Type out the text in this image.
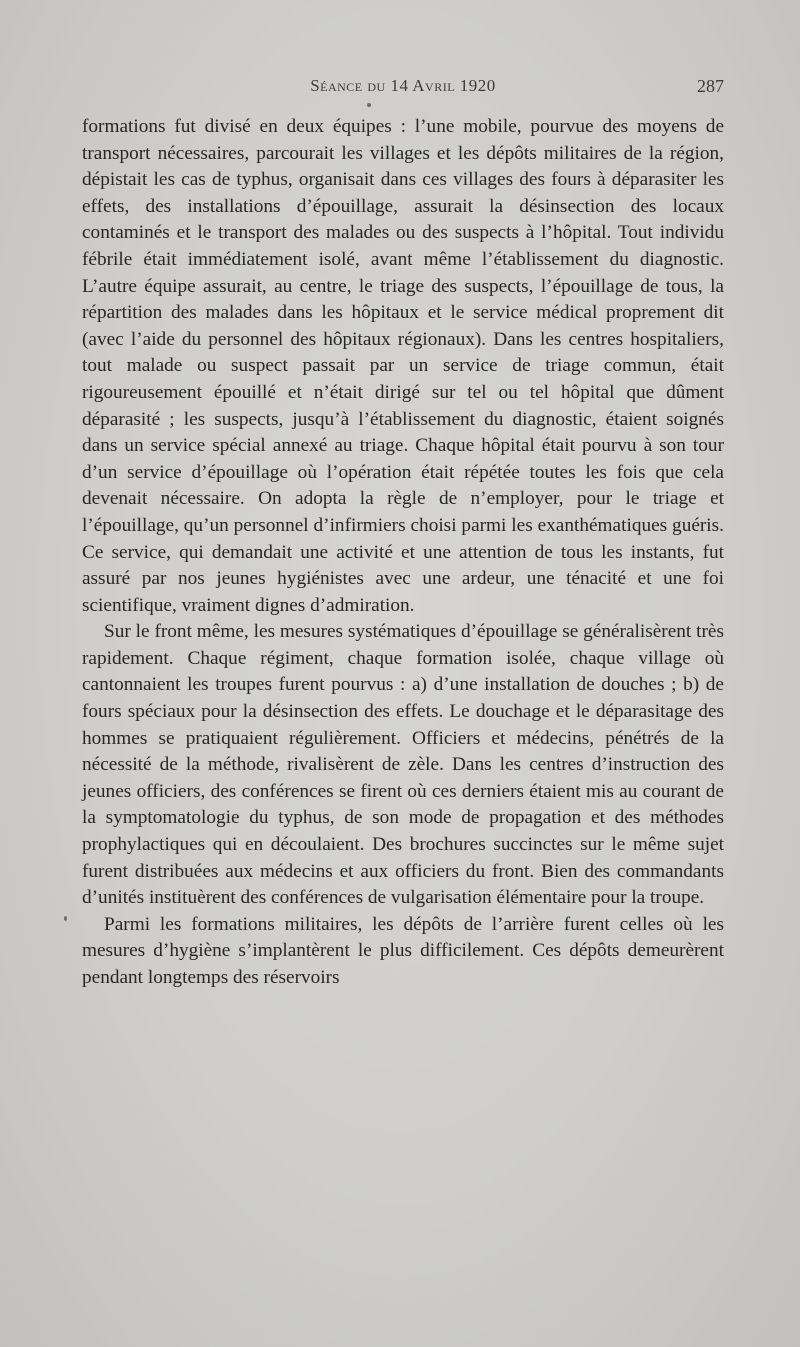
Séance du 14 Avril 1920	287

formations fut divisé en deux équipes : l’une mobile, pourvue des moyens de transport nécessaires, parcourait les villages et les dépôts militaires de la région, dépistait les cas de typhus, organisait dans ces villages des fours à déparasiter les effets, des installations d’épouillage, assurait la désinsection des locaux contaminés et le transport des malades ou des suspects à l’hôpital. Tout individu fébrile était immédiatement isolé, avant même l’établissement du diagnostic. L’autre équipe assurait, au centre, le triage des suspects, l’épouillage de tous, la répartition des malades dans les hôpitaux et le service médical proprement dit (avec l’aide du personnel des hôpitaux régionaux). Dans les centres hospitaliers, tout malade ou suspect passait par un service de triage commun, était rigoureusement épouillé et n’était dirigé sur tel ou tel hôpital que dûment déparasité ; les suspects, jusqu’à l’établissement du diagnostic, étaient soignés dans un service spécial annexé au triage. Chaque hôpital était pourvu à son tour d’un service d’épouillage où l’opération était répétée toutes les fois que cela devenait nécessaire. On adopta la règle de n’employer, pour le triage et l’épouillage, qu’un personnel d’infirmiers choisi parmi les exanthématiques guéris. Ce service, qui demandait une activité et une attention de tous les instants, fut assuré par nos jeunes hygiénistes avec une ardeur, une ténacité et une foi scientifique, vraiment dignes d’admiration.

Sur le front même, les mesures systématiques d’épouillage se généralisèrent très rapidement. Chaque régiment, chaque formation isolée, chaque village où cantonnaient les troupes furent pourvus : a) d’une installation de douches ; b) de fours spéciaux pour la désinsection des effets. Le douchage et le déparasitage des hommes se pratiquaient régulièrement. Officiers et médecins, pénétrés de la nécessité de la méthode, rivalisèrent de zèle. Dans les centres d’instruction des jeunes officiers, des conférences se firent où ces derniers étaient mis au courant de la symptomatologie du typhus, de son mode de propagation et des méthodes prophylactiques qui en découlaient. Des brochures succinctes sur le même sujet furent distribuées aux médecins et aux officiers du front. Bien des commandants d’unités instituèrent des conférences de vulgarisation élémentaire pour la troupe.

Parmi les formations militaires, les dépôts de l’arrière furent celles où les mesures d’hygiène s’implantèrent le plus difficilement. Ces dépôts demeurèrent pendant longtemps des réservoirs
